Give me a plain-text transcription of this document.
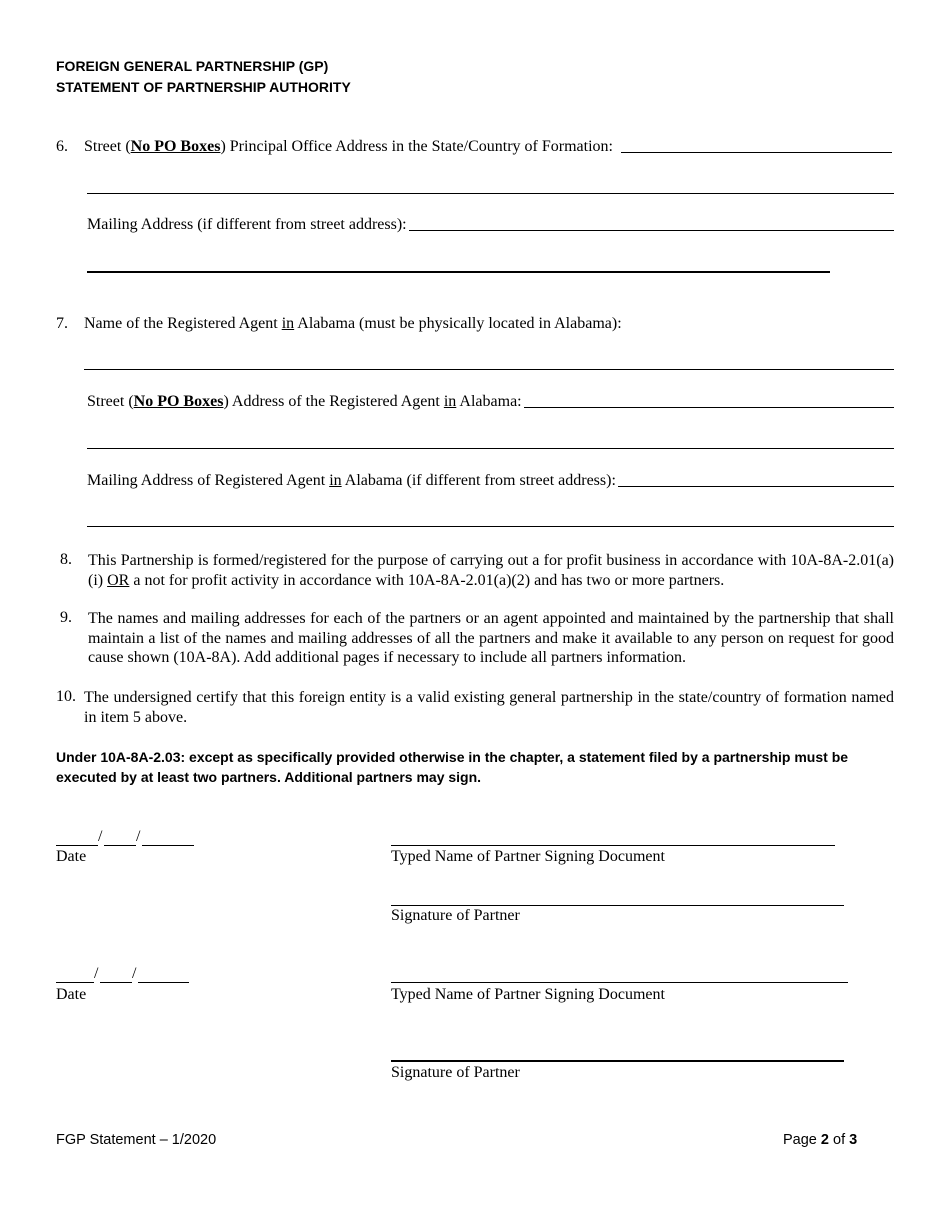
FOREIGN GENERAL PARTNERSHIP (GP)
STATEMENT OF PARTNERSHIP AUTHORITY
6. Street (No PO Boxes) Principal Office Address in the State/Country of Formation:
Mailing Address (if different from street address):
7. Name of the Registered Agent in Alabama (must be physically located in Alabama):
Street (No PO Boxes) Address of the Registered Agent in Alabama:
Mailing Address of Registered Agent in Alabama (if different from street address):
8. This Partnership is formed/registered for the purpose of carrying out a for profit business in accordance with 10A-8A-2.01(a)(i) OR a not for profit activity in accordance with 10A-8A-2.01(a)(2) and has two or more partners.
9. The names and mailing addresses for each of the partners or an agent appointed and maintained by the partnership that shall maintain a list of the names and mailing addresses of all the partners and make it available to any person on request for good cause shown (10A-8A). Add additional pages if necessary to include all partners information.
10. The undersigned certify that this foreign entity is a valid existing general partnership in the state/country of formation named in item 5 above.
Under 10A-8A-2.03: except as specifically provided otherwise in the chapter, a statement filed by a partnership must be executed by at least two partners. Additional partners may sign.
/ /
Date	Typed Name of Partner Signing Document
Signature of Partner
/ /
Date	Typed Name of Partner Signing Document
Signature of Partner
FGP Statement – 1/2020	Page 2 of 3
